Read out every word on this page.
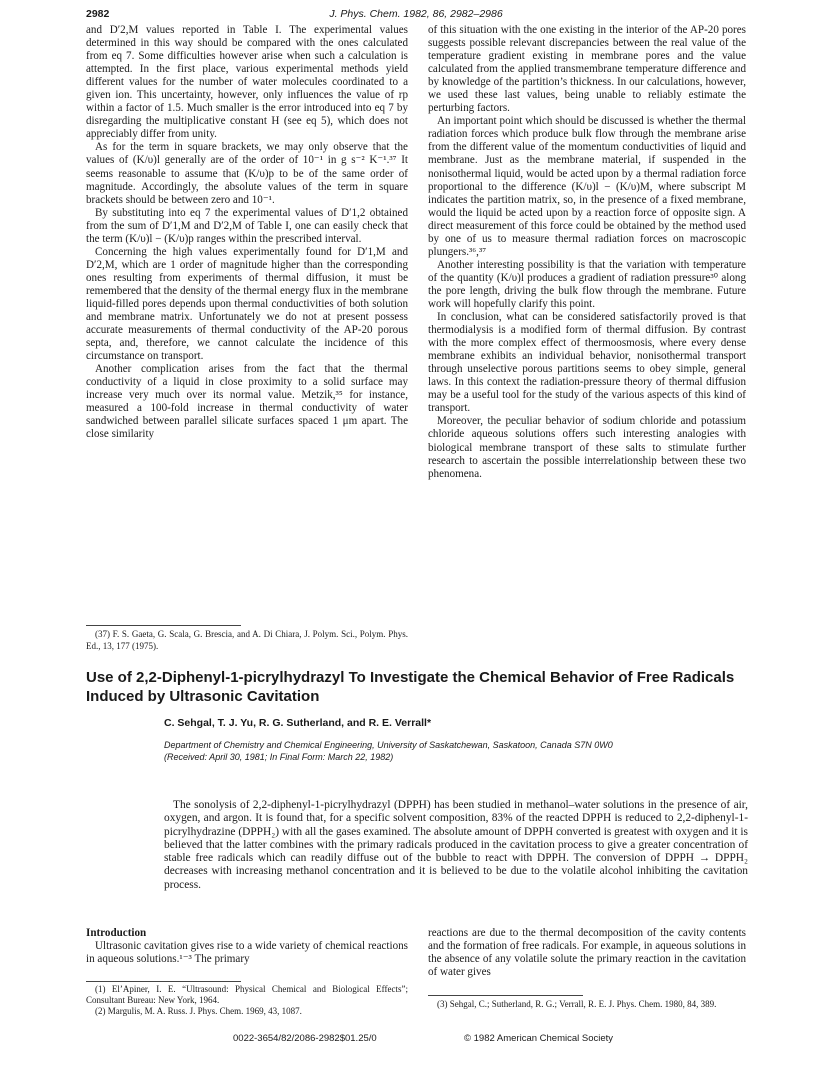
2982	J. Phys. Chem. 1982, 86, 2982–2986

and D′2,M values reported in Table I. The experimental values determined in this way should be compared with the ones calculated from eq 7. Some difficulties however arise when such a calculation is attempted. In the first place, various experimental methods yield different values for the number of water molecules coordinated to a given ion. This uncertainty, however, only influences the value of rp within a factor of 1.5. Much smaller is the error introduced into eq 7 by disregarding the multiplicative constant H (see eq 5), which does not appreciably differ from unity.

As for the term in square brackets, we may only observe that the values of (K/υ)l generally are of the order of 10⁻¹ in g s⁻² K⁻¹.³⁷ It seems reasonable to assume that (K/υ)p to be of the same order of magnitude. Accordingly, the absolute values of the term in square brackets should be between zero and 10⁻¹.

By substituting into eq 7 the experimental values of D′1,2 obtained from the sum of D′1,M and D′2,M of Table I, one can easily check that the term (K/υ)l − (K/υ)p ranges within the prescribed interval.

Concerning the high values experimentally found for D′1,M and D′2,M, which are 1 order of magnitude higher than the corresponding ones resulting from experiments of thermal diffusion, it must be remembered that the density of the thermal energy flux in the membrane liquid-filled pores depends upon thermal conductivities of both solution and membrane matrix. Unfortunately we do not at present possess accurate measurements of thermal conductivity of the AP-20 porous septa, and, therefore, we cannot calculate the incidence of this circumstance on transport.

Another complication arises from the fact that the thermal conductivity of a liquid in close proximity to a solid surface may increase very much over its normal value. Metzik,³⁵ for instance, measured a 100-fold increase in thermal conductivity of water sandwiched between parallel silicate surfaces spaced 1 μm apart. The close similarity

(37) F. S. Gaeta, G. Scala, G. Brescia, and A. Di Chiara, J. Polym. Sci., Polym. Phys. Ed., 13, 177 (1975).

of this situation with the one existing in the interior of the AP-20 pores suggests possible relevant discrepancies between the real value of the temperature gradient existing in membrane pores and the value calculated from the applied transmembrane temperature difference and by knowledge of the partition’s thickness. In our calculations, however, we used these last values, being unable to reliably estimate the perturbing factors.

An important point which should be discussed is whether the thermal radiation forces which produce bulk flow through the membrane arise from the different value of the momentum conductivities of liquid and membrane. Just as the membrane material, if suspended in the nonisothermal liquid, would be acted upon by a thermal radiation force proportional to the difference (K/υ)l − (K/υ)M, where subscript M indicates the partition matrix, so, in the presence of a fixed membrane, would the liquid be acted upon by a reaction force of opposite sign. A direct measurement of this force could be obtained by the method used by one of us to measure thermal radiation forces on macroscopic plungers.³⁶,³⁷

Another interesting possibility is that the variation with temperature of the quantity (K/υ)l produces a gradient of radiation pressure³⁰ along the pore length, driving the bulk flow through the membrane. Future work will hopefully clarify this point.

In conclusion, what can be considered satisfactorily proved is that thermodialysis is a modified form of thermal diffusion. By contrast with the more complex effect of thermoosmosis, where every dense membrane exhibits an individual behavior, nonisothermal transport through unselective porous partitions seems to obey simple, general laws. In this context the radiation-pressure theory of thermal diffusion may be a useful tool for the study of the various aspects of this kind of transport.

Moreover, the peculiar behavior of sodium chloride and potassium chloride aqueous solutions offers such interesting analogies with biological membrane transport of these salts to stimulate further research to ascertain the possible interrelationship between these two phenomena.

Use of 2,2-Diphenyl-1-picrylhydrazyl To Investigate the Chemical Behavior of Free Radicals Induced by Ultrasonic Cavitation
C. Sehgal, T. J. Yu, R. G. Sutherland, and R. E. Verrall*
Department of Chemistry and Chemical Engineering, University of Saskatchewan, Saskatoon, Canada S7N 0W0
(Received: April 30, 1981; In Final Form: March 22, 1982)

The sonolysis of 2,2-diphenyl-1-picrylhydrazyl (DPPH) has been studied in methanol–water solutions in the presence of air, oxygen, and argon. It is found that, for a specific solvent composition, 83% of the reacted DPPH is reduced to 2,2-diphenyl-1-picrylhydrazine (DPPH₂) with all the gases examined. The absolute amount of DPPH converted is greatest with oxygen and it is believed that the latter combines with the primary radicals produced in the cavitation process to give a greater concentration of stable free radicals which can readily diffuse out of the bubble to react with DPPH. The conversion of DPPH → DPPH₂ decreases with increasing methanol concentration and it is believed to be due to the volatile alcohol inhibiting the cavitation process.

Introduction

Ultrasonic cavitation gives rise to a wide variety of chemical reactions in aqueous solutions.¹⁻³ The primary

reactions are due to the thermal decomposition of the cavity contents and the formation of free radicals. For example, in aqueous solutions in the absence of any volatile solute the primary reaction in the cavitation of water gives

(1) El’Apiner, I. E. “Ultrasound: Physical Chemical and Biological Effects”; Consultant Bureau: New York, 1964.

(2) Margulis, M. A. Russ. J. Phys. Chem. 1969, 43, 1087.

(3) Sehgal, C.; Sutherland, R. G.; Verrall, R. E. J. Phys. Chem. 1980, 84, 389.

0022-3654/82/2086-2982$01.25/0	© 1982 American Chemical Society
